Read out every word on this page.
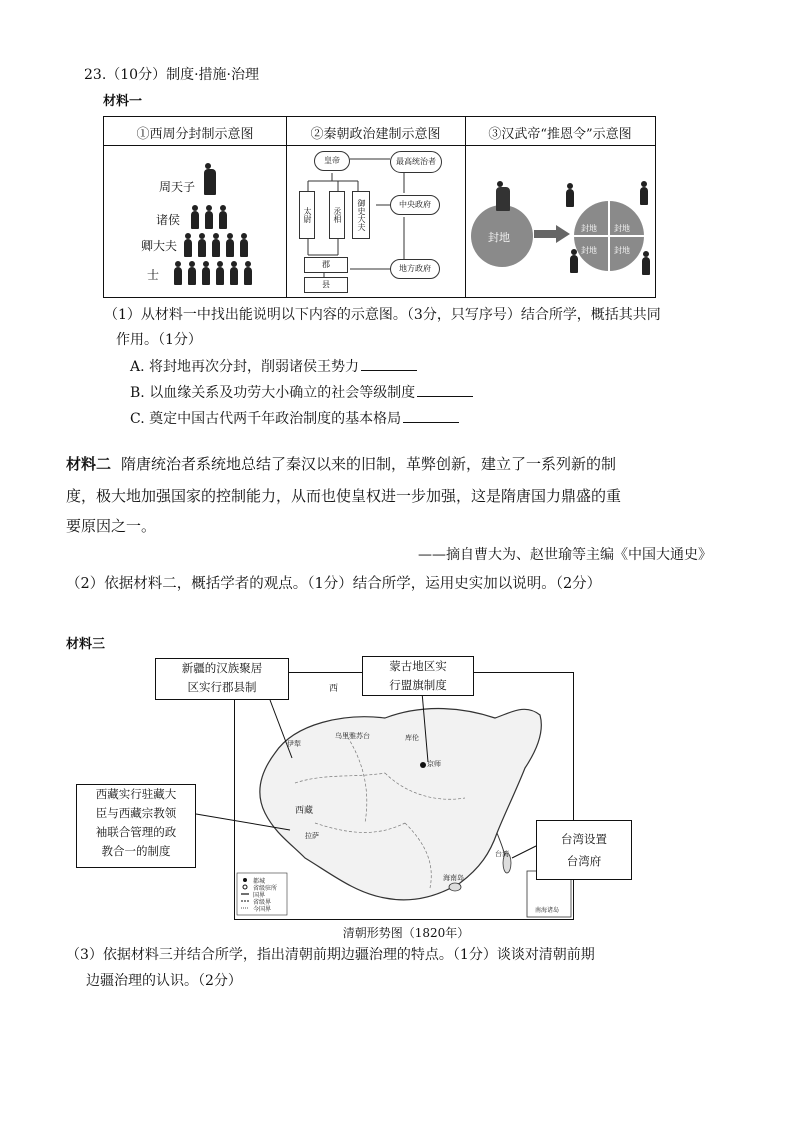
23.（10分）制度·措施·治理
材料一
①西周分封制示意图	②秦朝政治建制示意图	③汉武帝“推恩令”示意图
周天子
诸侯
卿大夫
士
皇帝	最高统治者
太尉	丞相	御史大夫	中央政府
郡
县
地方政府
封地
封地 封地
封地 封地
（1）从材料一中找出能说明以下内容的示意图。（3分，只写序号）结合所学，概括其共同
作用。（1分）
A. 将封地再次分封，削弱诸侯王势力
B. 以血缘关系及功劳大小确立的社会等级制度
C. 奠定中国古代两千年政治制度的基本格局
材料二 隋唐统治者系统地总结了秦汉以来的旧制，革弊创新，建立了一系列新的制
度，极大地加强国家的控制能力，从而也使皇权进一步加强，这是隋唐国力鼎盛的重
要原因之一。
——摘自曹大为、赵世瑜等主编《中国大通史》
（2）依据材料二，概括学者的观点。（1分）结合所学，运用史实加以说明。（2分）
材料三
伊犁
乌里雅苏台	库伦
京师
拉萨
台湾
海南岛
西
西藏
南海诸岛
都城
省级驻所
国界
省级界
今国界
新疆的汉族聚居
区实行郡县制
蒙古地区实
行盟旗制度
西藏实行驻藏大
臣与西藏宗教领
袖联合管理的政
教合一的制度
台湾设置
台湾府
清朝形势图（1820年）
（3）依据材料三并结合所学，指出清朝前期边疆治理的特点。（1分）谈谈对清朝前期
边疆治理的认识。（2分）
